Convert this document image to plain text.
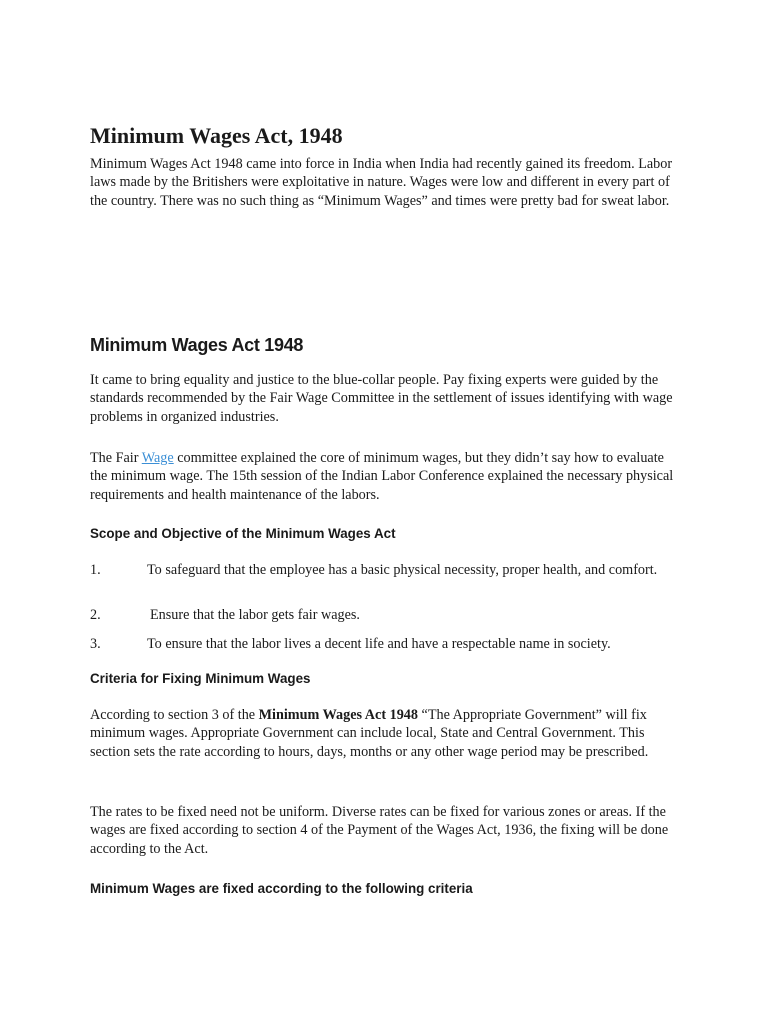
Minimum Wages Act, 1948

Minimum Wages Act 1948 came into force in India when India had recently gained its freedom. Labor laws made by the Britishers were exploitative in nature. Wages were low and different in every part of the country. There was no such thing as “Minimum Wages” and times were pretty bad for sweat labor.

Minimum Wages Act 1948

It came to bring equality and justice to the blue-collar people. Pay fixing experts were guided by the standards recommended by the Fair Wage Committee in the settlement of issues identifying with wage problems in organized industries.

The Fair Wage committee explained the core of minimum wages, but they didn’t say how to evaluate the minimum wage. The 15th session of the Indian Labor Conference explained the necessary physical requirements and health maintenance of the labors.

Scope and Objective of the Minimum Wages Act
1.	To safeguard that the employee has a basic physical necessity, proper health, and comfort.
2.	Ensure that the labor gets fair wages.
3.	To ensure that the labor lives a decent life and have a respectable name in society.
Criteria for Fixing Minimum Wages

According to section 3 of the Minimum Wages Act 1948 “The Appropriate Government” will fix minimum wages. Appropriate Government can include local, State and Central Government. This section sets the rate according to hours, days, months or any other wage period may be prescribed.

The rates to be fixed need not be uniform. Diverse rates can be fixed for various zones or areas. If the wages are fixed according to section 4 of the Payment of the Wages Act, 1936, the fixing will be done according to the Act.

Minimum Wages are fixed according to the following criteria
